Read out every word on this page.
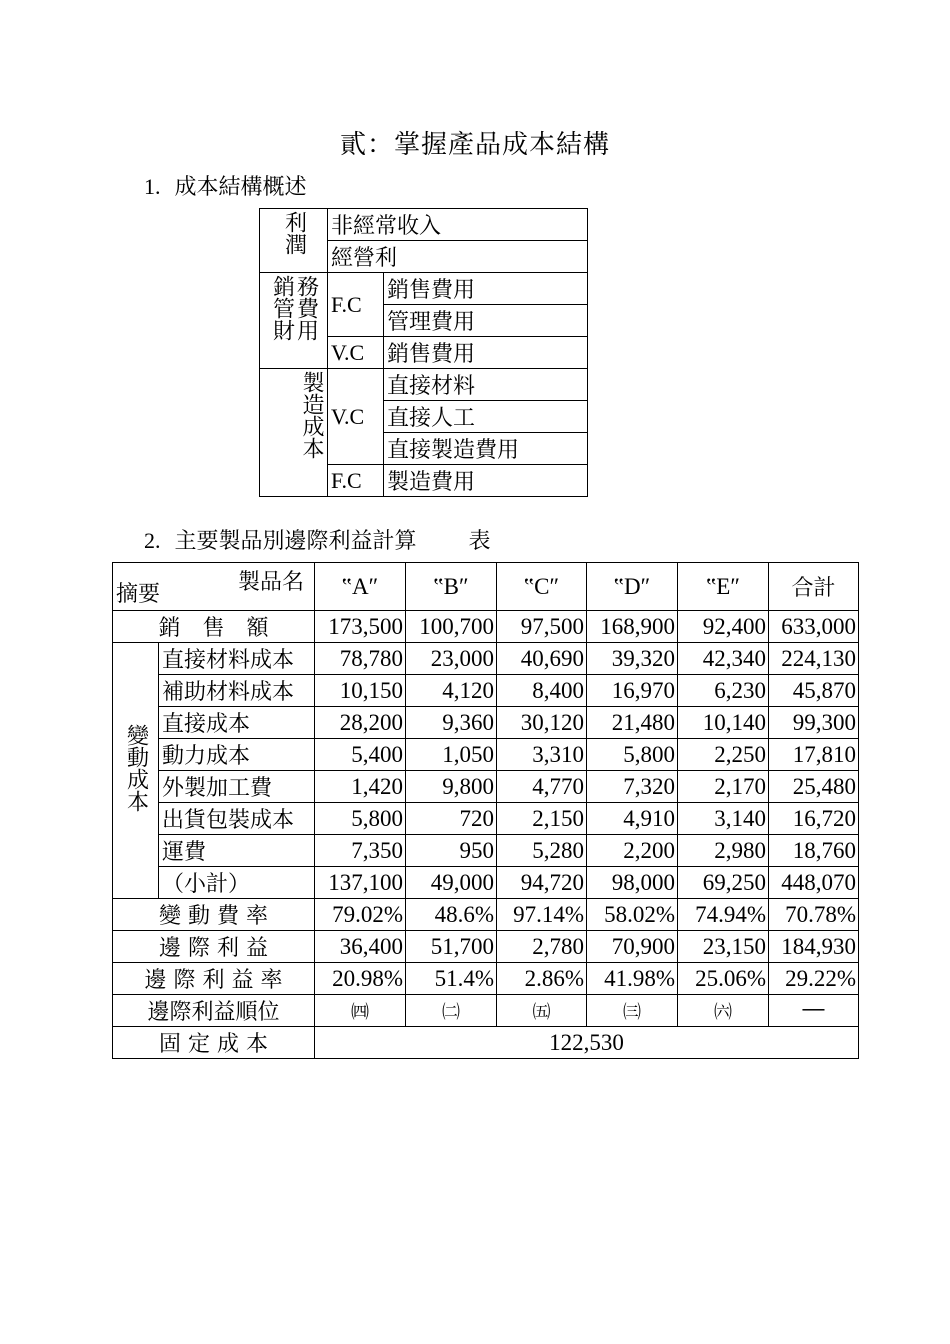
貳：掌握產品成本結構
1. 成本結構概述
利潤	非經常收入	
	經營利	
銷管財務費用	F.C	銷售費用
		管理費用
	V.C	銷售費用
製造成本	V.C	直接材料
		直接人工
		直接製造費用
	F.C	製造費用
2. 主要製品別邊際利益計算 表
製品名
摘要		‟A″	‟B″	‟C″	‟D″	‟E″	合計
銷　售　額		173,500	100,700	97,500	168,900	92,400	633,000
變動成本	直接材料成本	78,780	23,000	40,690	39,320	42,340	224,130
	補助材料成本	10,150	4,120	8,400	16,970	6,230	45,870
	直接成本	28,200	9,360	30,120	21,480	10,140	99,300
	動力成本	5,400	1,050	3,310	5,800	2,250	17,810
	外製加工費	1,420	9,800	4,770	7,320	2,170	25,480
	出貨包裝成本	5,800	720	2,150	4,910	3,140	16,720
	運費	7,350	950	5,280	2,200	2,980	18,760
	（小計）	137,100	49,000	94,720	98,000	69,250	448,070
變 動 費 率		79.02%	48.6%	97.14%	58.02%	74.94%	70.78%
邊 際 利 益		36,400	51,700	2,780	70,900	23,150	184,930
邊 際 利 益 率		20.98%	51.4%	2.86%	41.98%	25.06%	29.22%
邊際利益順位		㈣	㈡	㈤	㈢	㈥	──
固 定 成 本		122,530					
